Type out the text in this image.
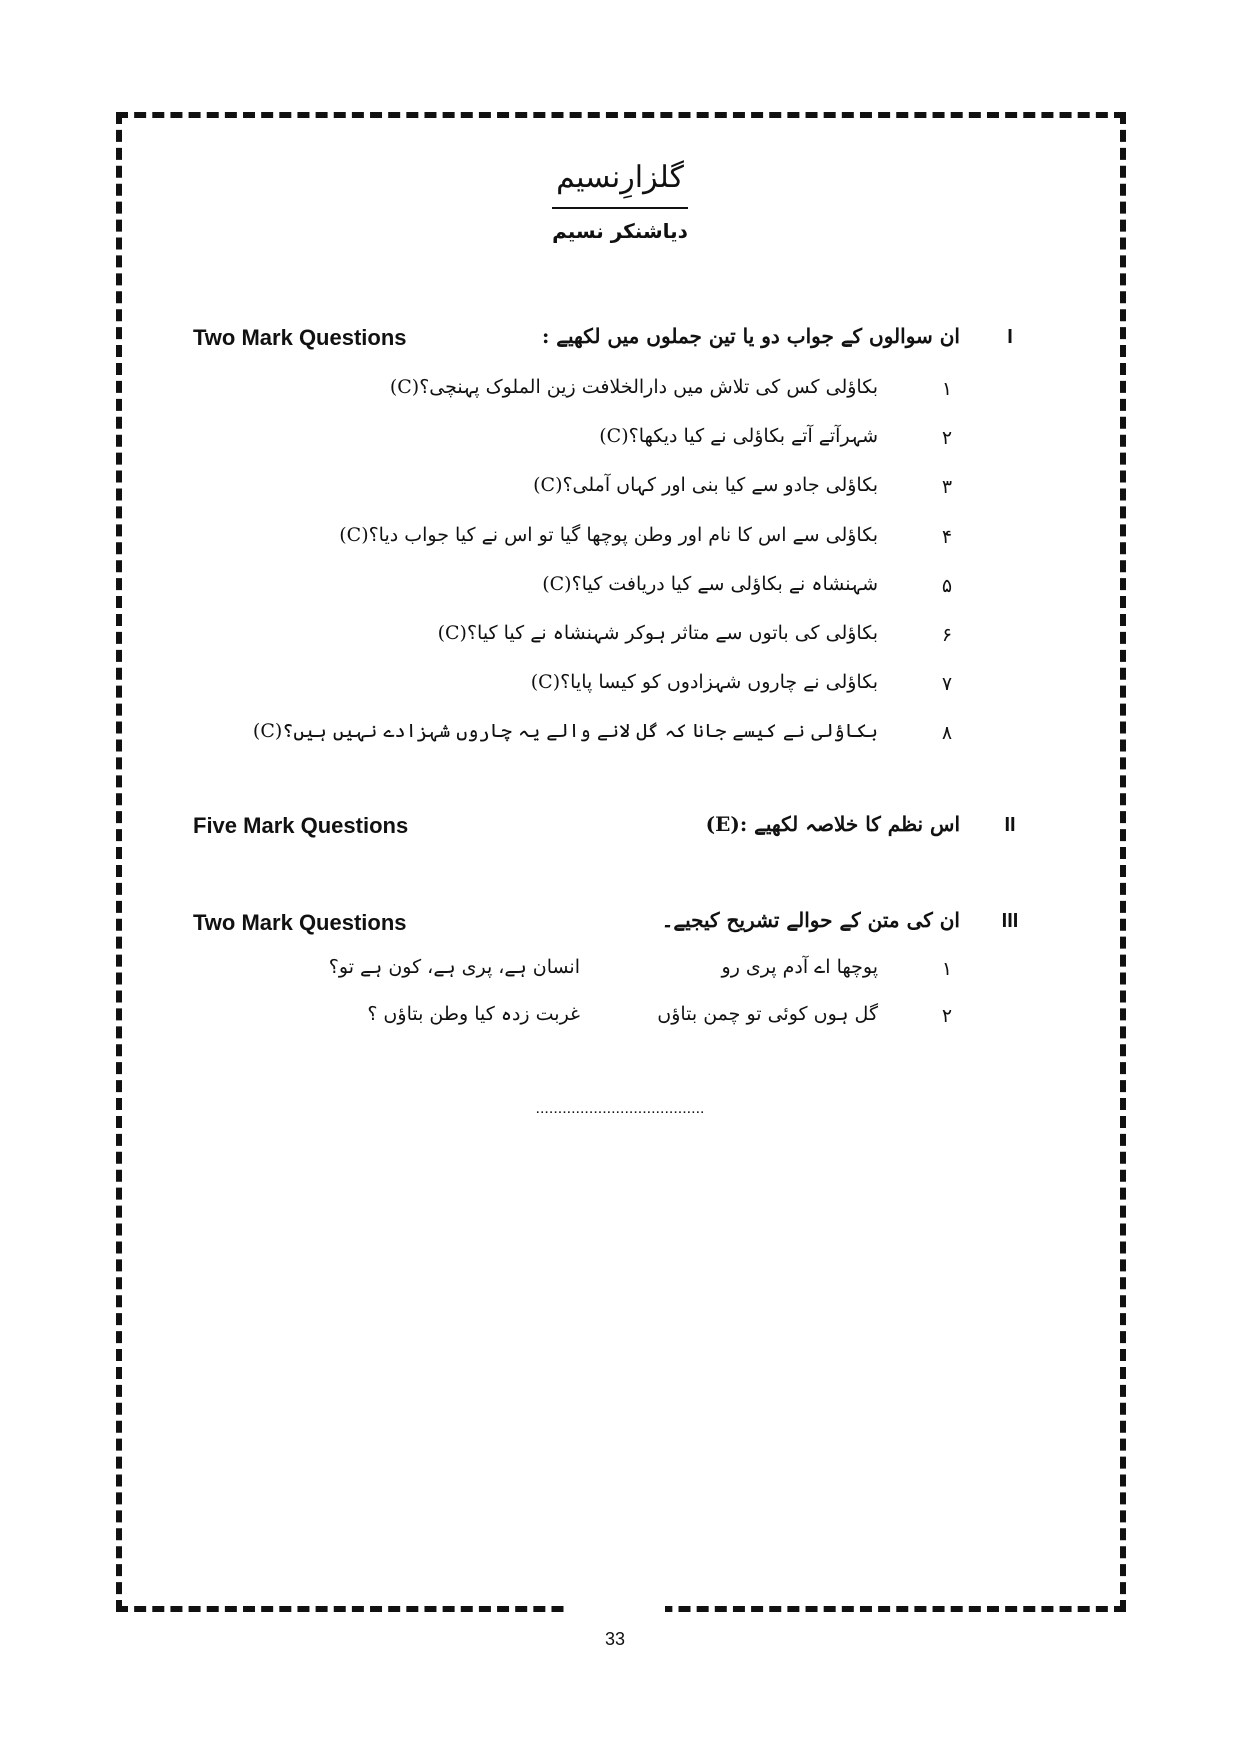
33
گلزارِنسیم
دیاشنکر نسیم
I
ان سوالوں کے جواب دو یا تین جملوں میں لکھیے :
Two Mark Questions
۱
بکاؤلی کس کی تلاش میں دارالخلافت زین الملوک پہنچی؟(C)
۲
شہرآتے آتے بکاؤلی نے کیا دیکھا؟(C)
۳
بکاؤلی جادو سے کیا بنی اور کہاں آملی؟(C)
۴
بکاؤلی سے اس کا نام اور وطن پوچھا گیا تو اس نے کیا جواب دیا؟(C)
۵
شہنشاہ نے بکاؤلی سے کیا دریافت کیا؟(C)
۶
بکاؤلی کی باتوں سے متاثر ہوکر شہنشاہ نے کیا کیا؟(C)
۷
بکاؤلی نے چاروں شہزادوں کو کیسا پایا؟(C)
۸
بکاؤلی نے کیسے جانا کہ گل لانے والے یہ چاروں شہزادے نہیں ہیں؟(C)
II
اس نظم کا خلاصہ لکھیے :(E)
Five Mark Questions
III
ان کی متن کے حوالے تشریح کیجیے۔
Two Mark Questions
۱
پوچھا اے آدم پری رو
انسان ہے، پری ہے، کون ہے تو؟
۲
گل ہوں کوئی تو چمن بتاؤں
غربت زدہ کیا وطن بتاؤں ؟
......................................
